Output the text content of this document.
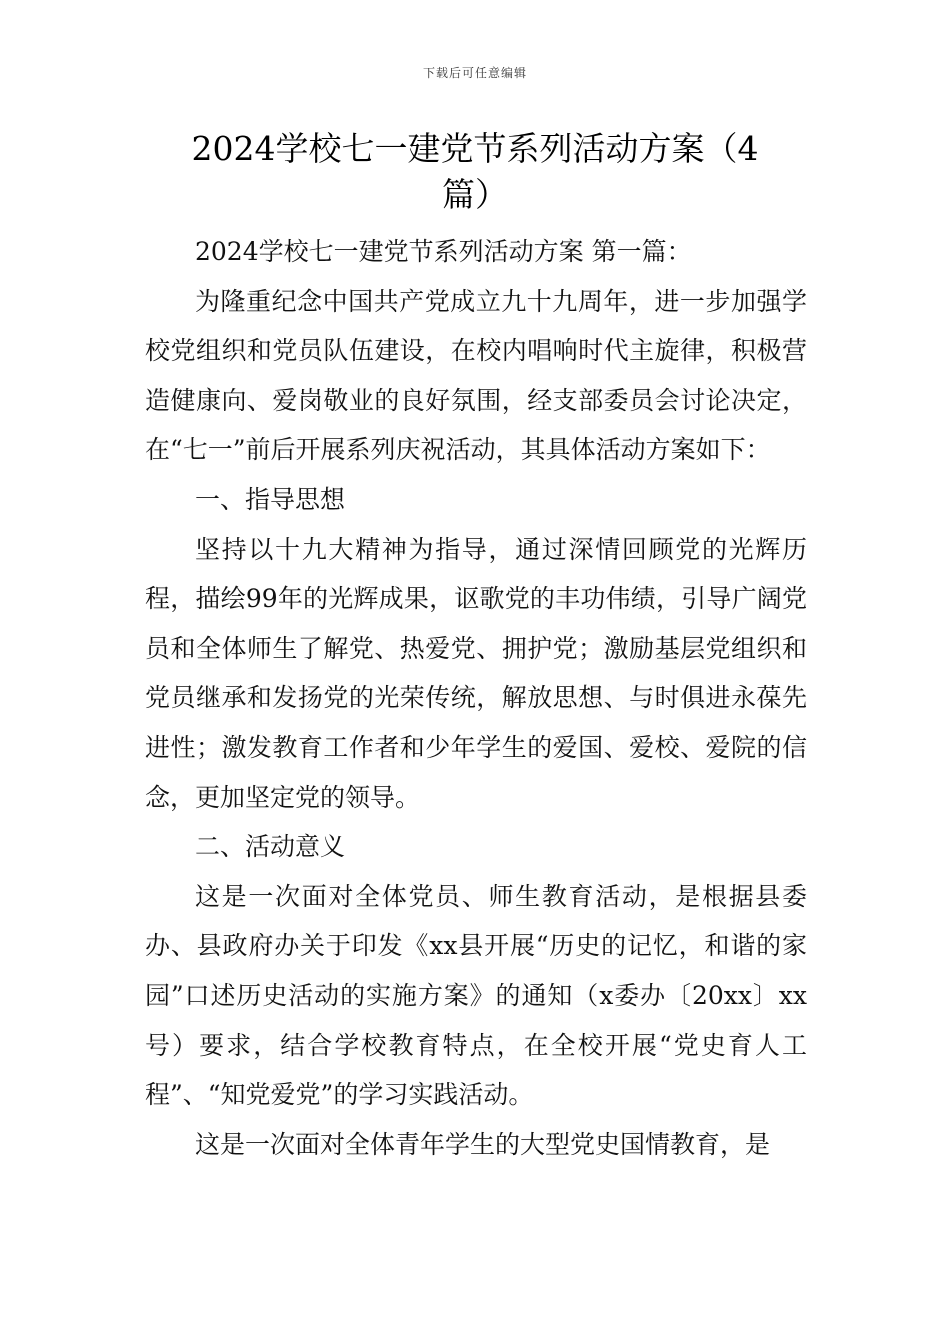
下载后可任意编辑
2024学校七一建党节系列活动方案（4
篇）

2024学校七一建党节系列活动方案 第一篇：

为隆重纪念中国共产党成立九十九周年，进一步加强学校党组织和党员队伍建设，在校内唱响时代主旋律，积极营造健康向、爱岗敬业的良好氛围，经支部委员会讨论决定，在“七一”前后开展系列庆祝活动，其具体活动方案如下：

一、指导思想

坚持以十九大精神为指导，通过深情回顾党的光辉历程，描绘99年的光辉成果，讴歌党的丰功伟绩，引导广阔党员和全体师生了解党、热爱党、拥护党；激励基层党组织和党员继承和发扬党的光荣传统，解放思想、与时俱进永葆先进性；激发教育工作者和少年学生的爱国、爱校、爱院的信念，更加坚定党的领导。

二、活动意义

这是一次面对全体党员、师生教育活动，是根据县委办、县政府办关于印发《xx县开展“历史的记忆，和谐的家园”口述历史活动的实施方案》的通知（x委办〔20xx〕xx号）要求，结合学校教育特点，在全校开展“党史育人工程”、“知党爱党”的学习实践活动。

这是一次面对全体青年学生的大型党史国情教育，是
